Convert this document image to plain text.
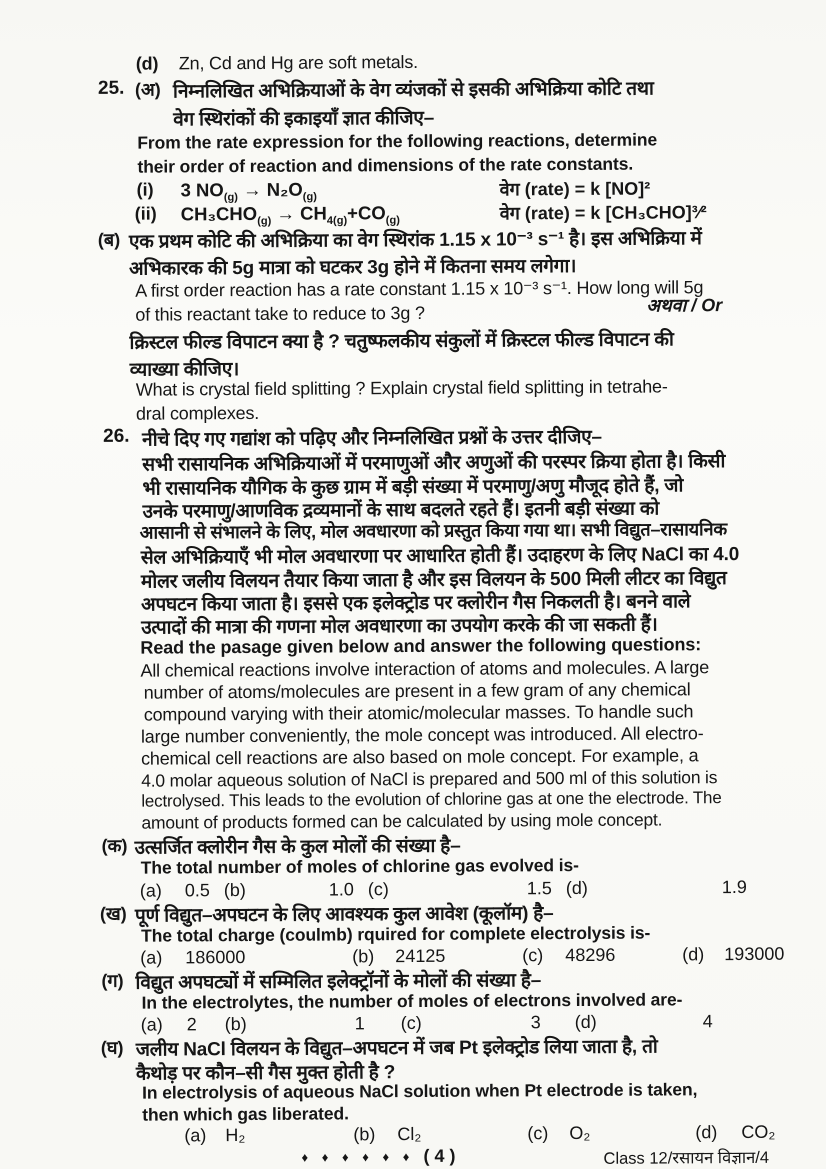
(d) Zn, Cd and Hg are soft metals.
25. (अ) निम्नलिखित अभिक्रियाओं के वेग व्यंजकों से इसकी अभिक्रिया कोटि तथा
वेग स्थिरांकों की इकाइयाँ ज्ञात कीजिए–
From the rate expression for the following reactions, determine
their order of reaction and dimensions of the rate constants.
(i) 3 $NO_{(g)} \to N_2O_{(g)}$	वेग (rate) = k [NO]²
(ii) $CH_3CHO_{(g)} \to CH_{4(g)}+CO_{(g)}$	वेग (rate) = k [CH₃CHO]³⁄²
(ब) एक प्रथम कोटि की अभिक्रिया का वेग स्थिरांक 1.15 x 10⁻³ s⁻¹ है। इस अभिक्रिया में
अभिकारक की 5g मात्रा को घटकर 3g होने में कितना समय लगेगा।
A first order reaction has a rate constant 1.15 x 10⁻³ s⁻¹. How long will 5g
of this reactant take to reduce to 3g ?	अथवा / Or
क्रिस्टल फील्ड विपाटन क्या है ? चतुष्फलकीय संकुलों में क्रिस्टल फील्ड विपाटन की
व्याख्या कीजिए।
What is crystal field splitting ? Explain crystal field splitting in tetrahe-
dral complexes.
26. नीचे दिए गए गद्यांश को पढ़िए और निम्नलिखित प्रश्नों के उत्तर दीजिए–
सभी रासायनिक अभिक्रियाओं में परमाणुओं और अणुओं की परस्पर क्रिया होता है। किसी
भी रासायनिक यौगिक के कुछ ग्राम में बड़ी संख्या में परमाणु/अणु मौजूद होते हैं, जो
उनके परमाणु/आणविक द्रव्यमानों के साथ बदलते रहते हैं। इतनी बड़ी संख्या को
आसानी से संभालने के लिए, मोल अवधारणा को प्रस्तुत किया गया था। सभी विद्युत–रासायनिक
सेल अभिक्रियाएँ भी मोल अवधारणा पर आधारित होती हैं। उदाहरण के लिए NaCl का 4.0
मोलर जलीय विलयन तैयार किया जाता है और इस विलयन के 500 मिली लीटर का विद्युत
अपघटन किया जाता है। इससे एक इलेक्ट्रोड पर क्लोरीन गैस निकलती है। बनने वाले
उत्पादों की मात्रा की गणना मोल अवधारणा का उपयोग करके की जा सकती हैं।
Read the pasage given below and answer the following questions:
All chemical reactions involve interaction of atoms and molecules. A large
number of atoms/molecules are present in a few gram of any chemical
compound varying with their atomic/molecular masses. To handle such
large number conveniently, the mole concept was introduced. All electro-
chemical cell reactions are also based on mole concept. For example, a
4.0 molar aqueous solution of NaCl is prepared and 500 ml of this solution is
lectrolysed. This leads to the evolution of chlorine gas at one the electrode. The
amount of products formed can be calculated by using mole concept.
(क) उत्सर्जित क्लोरीन गैस के कुल मोलों की संख्या है–
The total number of moles of chlorine gas evolved is-
(a) 0.5 (b)	1.0 (c)	1.5 (d)	1.9
(ख) पूर्ण विद्युत–अपघटन के लिए आवश्यक कुल आवेश (कूलॉम) है–
The total charge (coulmb) rquired for complete electrolysis is-
(a) 186000	(b) 24125	(c) 48296	(d) 193000
(ग) विद्युत अपघट्यों में सम्मिलित इलेक्ट्रॉनों के मोलों की संख्या है–
In the electrolytes, the number of moles of electrons involved are-
(a) 2 (b)	1 (c)	3 (d)	4
(घ) जलीय NaCl विलयन के विद्युत–अपघटन में जब Pt इलेक्ट्रोड लिया जाता है, तो
कैथोड़ पर कौन–सी गैस मुक्त होती है ?
In electrolysis of aqueous NaCl solution when Pt electrode is taken,
then which gas liberated.
(a) H₂	(b) Cl₂	(c) O₂	(d) CO₂
♦ ♦ ♦ ♦ ♦ ♦ ( 4 )	Class 12/रसायन विज्ञान/4
